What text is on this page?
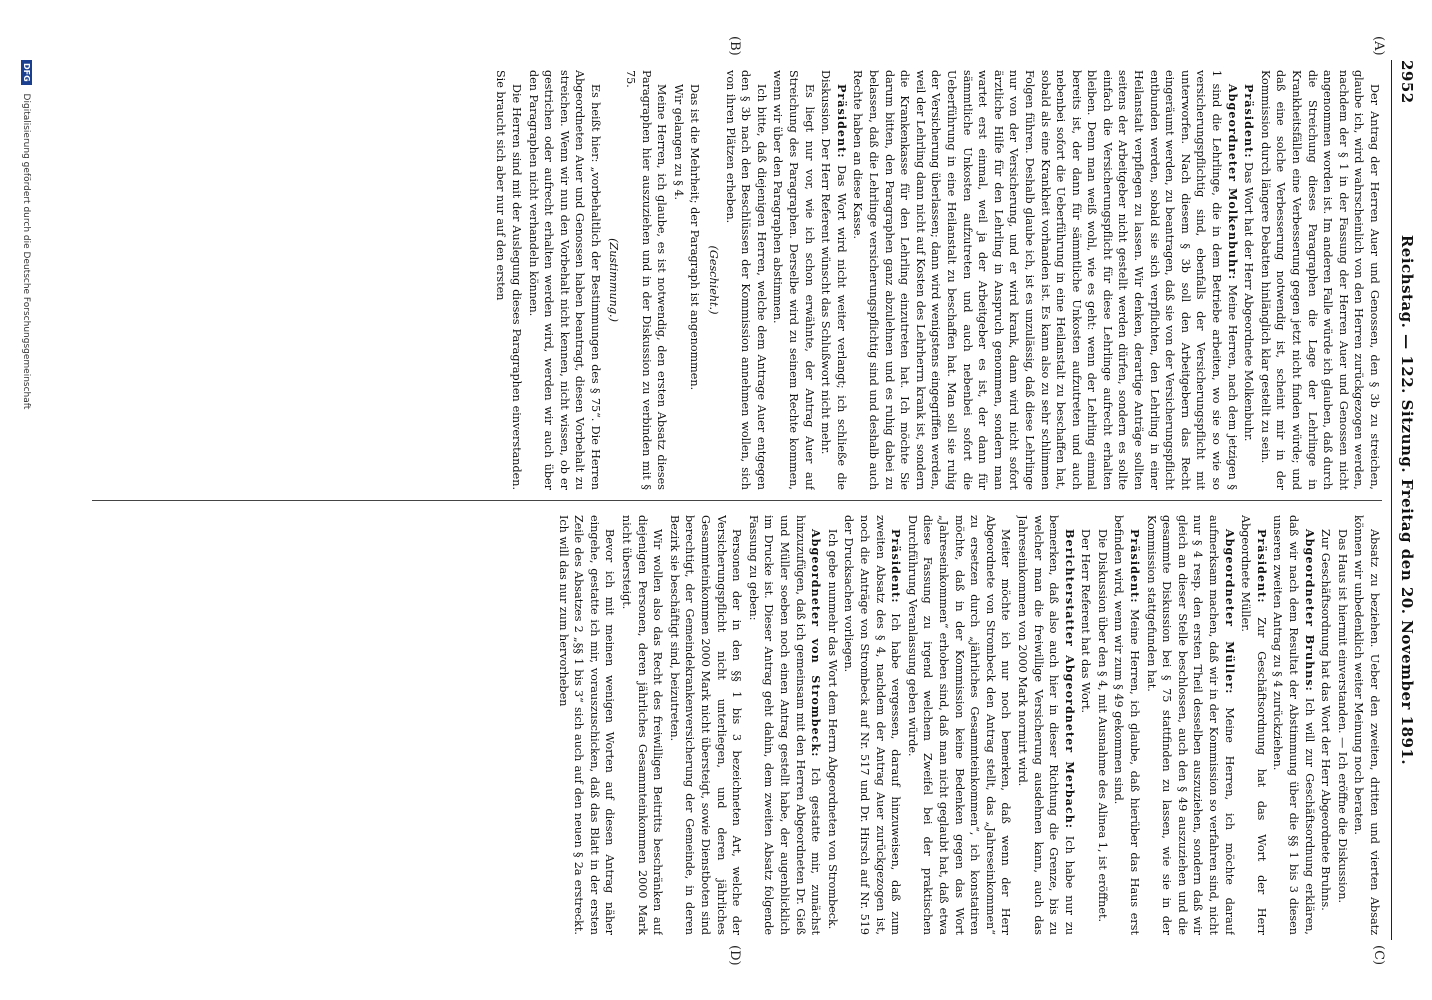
2952
Reichstag. — 122. Sitzung. Freitag den 20. November 1891.
(A)
(B)
(C)
(D)

Der Antrag der Herren Auer und Genossen, den § 3b zu streichen, glaube ich, wird wahrscheinlich von den Herren zurückgezogen werden, nachdem der § 1 in der Fassung der Herren Auer und Genossen nicht angenommen worden ist. Im anderen Falle würde ich glauben, daß durch die Streichung dieses Paragraphen die Lage der Lehrlinge in Krankheitsfällen eine Verbesserung gegen jetzt nicht finden würde; und daß eine solche Verbesserung notwendig ist, scheint mir in der Kommission durch längere Debatten hinlänglich klar gestellt zu sein.

Präsident: Das Wort hat der Herr Abgeordnete Molkenbuhr.

Abgeordneter Molkenbuhr: Meine Herren, nach dem jetzigen § 1 sind die Lehrlinge, die in dem Betriebe arbeiten, wo sie so wie so versicherungspflichtig sind, ebenfalls der Versicherungspflicht mit unterworfen. Nach diesem § 3b soll den Arbeitgebern das Recht eingeräumt werden, zu beantragen, daß sie von der Versicherungspflicht entbunden werden, sobald sie sich verpflichten, den Lehrling in einer Heilanstalt verpflegen zu lassen. Wir denken, derartige Anträge sollten seitens der Arbeitgeber nicht gestellt werden dürfen, sondern es sollte einfach die Versicherungspflicht für diese Lehrlinge aufrecht erhalten bleiben. Denn man weiß wohl, wie es geht: wenn der Lehrling einmal bereits ist, der dann für sämmtliche Unkosten aufzutreten und auch nebenbei sofort die Ueberführung in eine Heilanstalt zu beschaffen hat, sobald als eine Krankheit vorhanden ist. Es kann also zu sehr schlimmen Folgen führen. Deshalb glaube ich, ist es unzulässig, daß diese Lehrlinge nur von der Versicherung, und er wird krank, dann wird nicht sofort ärztliche Hilfe für den Lehrling in Anspruch genommen, sondern man wartet erst einmal, weil ja der Arbeitgeber es ist, der dann für sämmtliche Unkosten aufzutreten und auch nebenbei sofort die Ueberführung in eine Heilanstalt zu beschaffen hat. Man soll sie ruhig der Versicherung überlassen; dann wird wenigstens eingegriffen werden, weil der Lehrling dann nicht auf Kosten des Lehrherrn krank ist, sondern die Krankenkasse für den Lehrling einzutreten hat. Ich möchte Sie darum bitten, den Paragraphen ganz abzulehnen und es ruhig dabei zu belassen, daß die Lehrlinge versicherungspflichtig sind und deshalb auch Rechte haben an diese Kasse.

Präsident: Das Wort wird nicht weiter verlangt; ich schließe die Diskussion. Der Herr Referent wünscht das Schlußwort nicht mehr.

Es liegt nur vor, wie ich schon erwähnte, der Antrag Auer auf Streichung des Paragraphen. Derselbe wird zu seinem Rechte kommen, wenn wir über den Paragraphen abstimmen.

Ich bitte, daß diejenigen Herren, welche dem Antrage Auer entgegen den § 3b nach den Beschlüssen der Kommission annehmen wollen, sich von ihren Plätzen erheben.

(Geschieht.)

Das ist die Mehrheit; der Paragraph ist angenommen.

Wir gelangen zu § 4.

Meine Herren, ich glaube, es ist notwendig, den ersten Absatz dieses Paragraphen hier auszuziehen und in der Diskussion zu verbinden mit § 75.

(Zustimmung.)

Es heißt hier: „vorbehaltlich der Bestimmungen des § 75“. Die Herren Abgeordneten Auer und Genossen haben beantragt, diesen Vorbehalt zu streichen. Wenn wir nun den Vorbehalt nicht kennen, nicht wissen, ob er gestrichen oder aufrecht erhalten werden wird, werden wir auch über den Paragraphen nicht verhandeln können.

Die Herren sind mit der Auslegung dieses Paragraphen einverstanden. Sie braucht sich aber nur auf den ersten

Absatz zu beziehen. Ueber den zweiten, dritten und vierten Absatz können wir unbedenklich weiter Meinung noch beraten.

Das Haus ist hiermit einverstanden. — Ich eröffne die Diskussion.

Zur Geschäftsordnung hat das Wort der Herr Abgeordnete Bruhns.

Abgeordneter Bruhns: Ich will zur Geschäftsordnung erklären, daß wir nach dem Resultat der Abstimmung über die §§ 1 bis 3 diesen unseren zweiten Antrag zu § 4 zurückziehen.

Präsident: Zur Geschäftsordnung hat das Wort der Herr Abgeordnete Müller.

Abgeordneter Müller: Meine Herren, ich möchte darauf aufmerksam machen, daß wir in der Kommission so verfahren sind, nicht nur § 4 resp. den ersten Theil desselben auszuziehen, sondern daß wir gleich an dieser Stelle beschlossen, auch den § 49 auszuziehen und die gesammte Diskussion bei § 75 stattfinden zu lassen, wie sie in der Kommission stattgefunden hat.

Präsident: Meine Herren, ich glaube, daß hierüber das Haus erst befinden wird, wenn wir zum § 49 gekommen sind.

Die Diskussion über den § 4, mit Ausnahme des Alinea 1, ist eröffnet.

Der Herr Referent hat das Wort.

Berichterstatter Abgeordneter Merbach: Ich habe nur zu bemerken, daß also auch hier in dieser Richtung die Grenze, bis zu welcher man die freiwillige Versicherung ausdehnen kann, auch das Jahreseinkommen von 2000 Mark normirt wird.

Meiter möchte ich nur noch bemerken, daß wenn der Herr Abgeordnete von Strombeck den Antrag stellt, das „Jahreseinkommen“ zu ersetzen durch „jährliches Gesammteinkommen“, ich konstatiren möchte, daß in der Kommission keine Bedenken gegen das Wort „Jahreseinkommen“ erhoben sind, daß man nicht geglaubt hat, daß etwa diese Fassung zu irgend welchem Zweifel bei der praktischen Durchführung Veranlassung geben würde.

Präsident: Ich habe vergessen, darauf hinzuweisen, daß zum zweiten Absatz des § 4, nachdem der Antrag Auer zurückgezogen ist, noch die Anträge von Strombeck auf Nr. 517 und Dr. Hirsch auf Nr. 519 der Drucksachen vorliegen.

Ich gebe nunmehr das Wort dem Herrn Abgeordneten von Strombeck.

Abgeordneter von Strombeck: Ich gestatte mir, zunächst hinzuzufügen, daß ich gemeinsam mit den Herren Abgeordneten Dr. Gieß und Müller soeben noch einen Antrag gestellt habe, der augenblicklich im Drucke ist. Dieser Antrag geht dahin, dem zweiten Absatz folgende Fassung zu geben:

Personen der in den §§ 1 bis 3 bezeichneten Art, welche der Versicherungspflicht nicht unterliegen, und deren jährliches Gesammteinkommen 2000 Mark nicht übersteigt, sowie Dienstboten sind berechtigt, der Gemeindekrankenversicherung der Gemeinde, in deren Bezirk sie beschäftigt sind, beizutreten.

Wir wollen also das Recht des freiwilligen Beitritts beschränken auf diejenigen Personen, deren jährliches Gesammteinkommen 2000 Mark nicht übersteigt.

Bevor ich mit meinen wenigen Worten auf diesen Antrag näher eingehe, gestatte ich mir, vorauszuschicken, daß das Blatt in der ersten Zeile des Absatzes 2 „§§ 1 bis 3“ sich auch auf den neuen § 2a erstreckt. Ich will das nur zum hervorheben

DFG Digitalisierung gefördert durch die Deutsche Forschungsgemeinschaft
